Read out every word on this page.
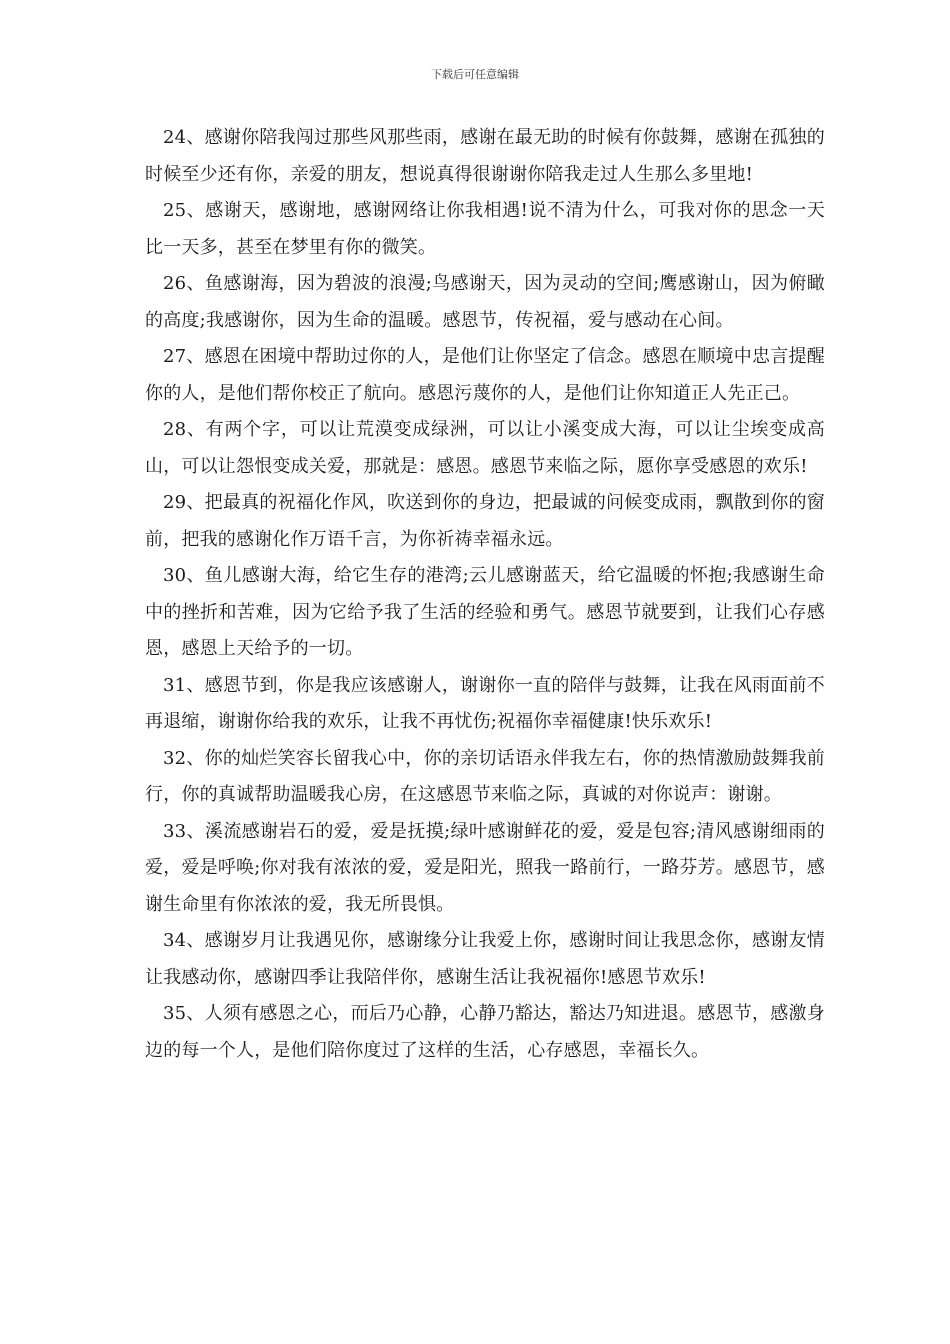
下载后可任意编辑

24、感谢你陪我闯过那些风那些雨，感谢在最无助的时候有你鼓舞，感谢在孤独的时候至少还有你，亲爱的朋友，想说真得很谢谢你陪我走过人生那么多里地!

25、感谢天，感谢地，感谢网络让你我相遇!说不清为什么，可我对你的思念一天比一天多，甚至在梦里有你的微笑。

26、鱼感谢海，因为碧波的浪漫;鸟感谢天，因为灵动的空间;鹰感谢山，因为俯瞰的高度;我感谢你，因为生命的温暖。感恩节，传祝福，爱与感动在心间。

27、感恩在困境中帮助过你的人，是他们让你坚定了信念。感恩在顺境中忠言提醒你的人，是他们帮你校正了航向。感恩污蔑你的人，是他们让你知道正人先正己。

28、有两个字，可以让荒漠变成绿洲，可以让小溪变成大海，可以让尘埃变成高山，可以让怨恨变成关爱，那就是：感恩。感恩节来临之际，愿你享受感恩的欢乐!

29、把最真的祝福化作风，吹送到你的身边，把最诚的问候变成雨，飘散到你的窗前，把我的感谢化作万语千言，为你祈祷幸福永远。

30、鱼儿感谢大海，给它生存的港湾;云儿感谢蓝天，给它温暖的怀抱;我感谢生命中的挫折和苦难，因为它给予我了生活的经验和勇气。感恩节就要到，让我们心存感恩，感恩上天给予的一切。

31、感恩节到，你是我应该感谢人，谢谢你一直的陪伴与鼓舞，让我在风雨面前不再退缩，谢谢你给我的欢乐，让我不再忧伤;祝福你幸福健康!快乐欢乐!

32、你的灿烂笑容长留我心中，你的亲切话语永伴我左右，你的热情激励鼓舞我前行，你的真诚帮助温暖我心房，在这感恩节来临之际，真诚的对你说声：谢谢。

33、溪流感谢岩石的爱，爱是抚摸;绿叶感谢鲜花的爱，爱是包容;清风感谢细雨的爱，爱是呼唤;你对我有浓浓的爱，爱是阳光，照我一路前行，一路芬芳。感恩节，感谢生命里有你浓浓的爱，我无所畏惧。

34、感谢岁月让我遇见你，感谢缘分让我爱上你，感谢时间让我思念你，感谢友情让我感动你，感谢四季让我陪伴你，感谢生活让我祝福你!感恩节欢乐!

35、人须有感恩之心，而后乃心静，心静乃豁达，豁达乃知进退。感恩节，感激身边的每一个人，是他们陪你度过了这样的生活，心存感恩，幸福长久。
